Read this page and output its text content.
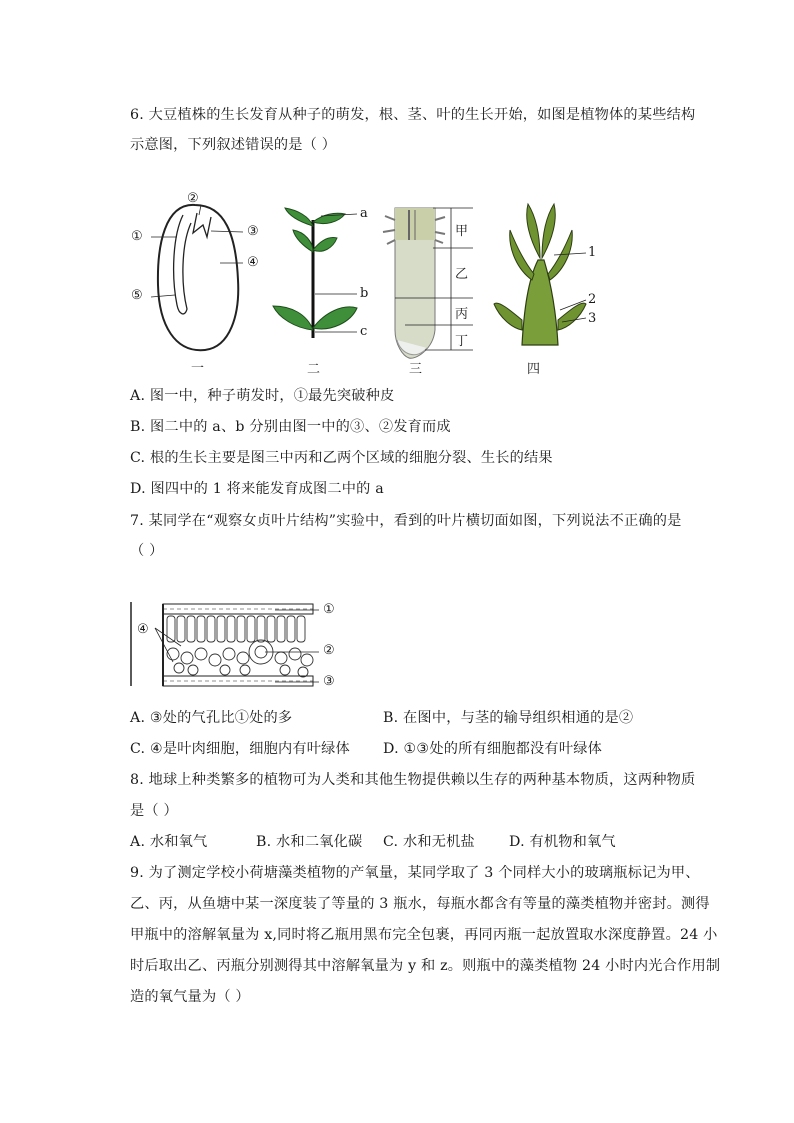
6. 大豆植株的生长发育从种子的萌发，根、茎、叶的生长开始，如图是植物体的某些结构
示意图，下列叙述错误的是（ ）
①
②
③
④
⑤
一
a
b
c
二
甲
乙
丙
丁
三
1
2
3
四
A. 图一中，种子萌发时，①最先突破种皮
B. 图二中的 a、b 分别由图一中的③、②发育而成
C. 根的生长主要是图三中丙和乙两个区域的细胞分裂、生长的结果
D. 图四中的 1 将来能发育成图二中的 a
7. 某同学在“观察女贞叶片结构”实验中，看到的叶片横切面如图，下列说法不正确的是
（ ）
①
②
③
④
A. ③处的气孔比①处的多	B. 在图中，与茎的输导组织相通的是②
C. ④是叶肉细胞，细胞内有叶绿体 D. ①③处的所有细胞都没有叶绿体
8. 地球上种类繁多的植物可为人类和其他生物提供赖以生存的两种基本物质，这两种物质
是（ ）
A. 水和氧气	B. 水和二氧化碳 C. 水和无机盐 D. 有机物和氧气
9. 为了测定学校小荷塘藻类植物的产氧量，某同学取了 3 个同样大小的玻璃瓶标记为甲、
乙、丙，从鱼塘中某一深度装了等量的 3 瓶水，每瓶水都含有等量的藻类植物并密封。测得
甲瓶中的溶解氧量为 x,同时将乙瓶用黑布完全包裹，再同丙瓶一起放置取水深度静置。24 小
时后取出乙、丙瓶分别测得其中溶解氧量为 y 和 z。则瓶中的藻类植物 24 小时内光合作用制
造的氧气量为（ ）
